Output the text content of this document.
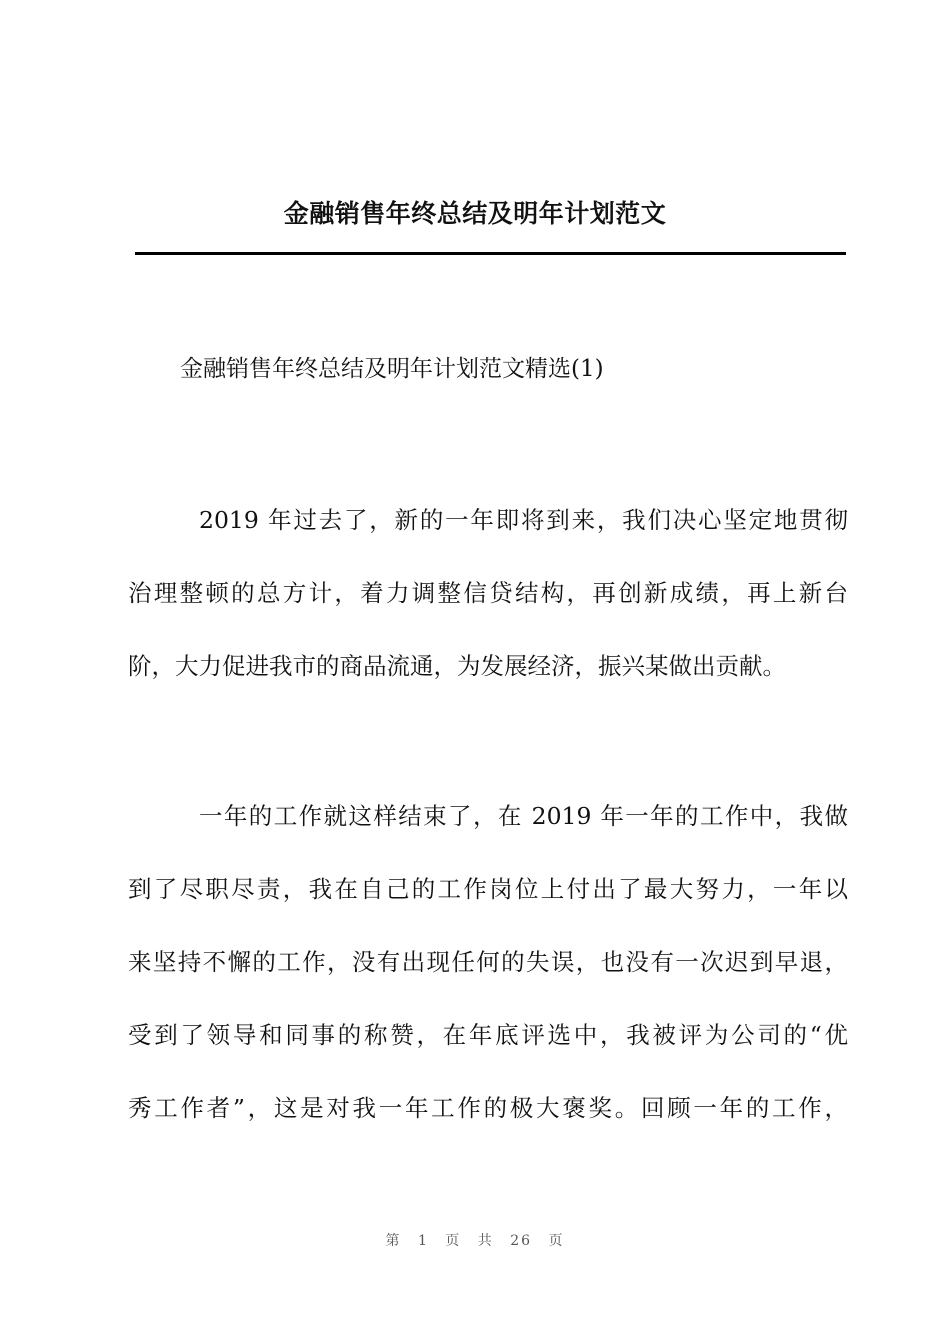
金融销售年终总结及明年计划范文
金融销售年终总结及明年计划范文精选(1)
2019 年过去了，新的一年即将到来，我们决心坚定地贯彻
治理整顿的总方计，着力调整信贷结构，再创新成绩，再上新台
阶，大力促进我市的商品流通，为发展经济，振兴某做出贡献。
一年的工作就这样结束了，在 2019 年一年的工作中，我做
到了尽职尽责，我在自己的工作岗位上付出了最大努力，一年以
来坚持不懈的工作，没有出现任何的失误，也没有一次迟到早退，
受到了领导和同事的称赞，在年底评选中，我被评为公司的“优
秀工作者”，这是对我一年工作的极大褒奖。回顾一年的工作，
第 1 页 共 26 页
